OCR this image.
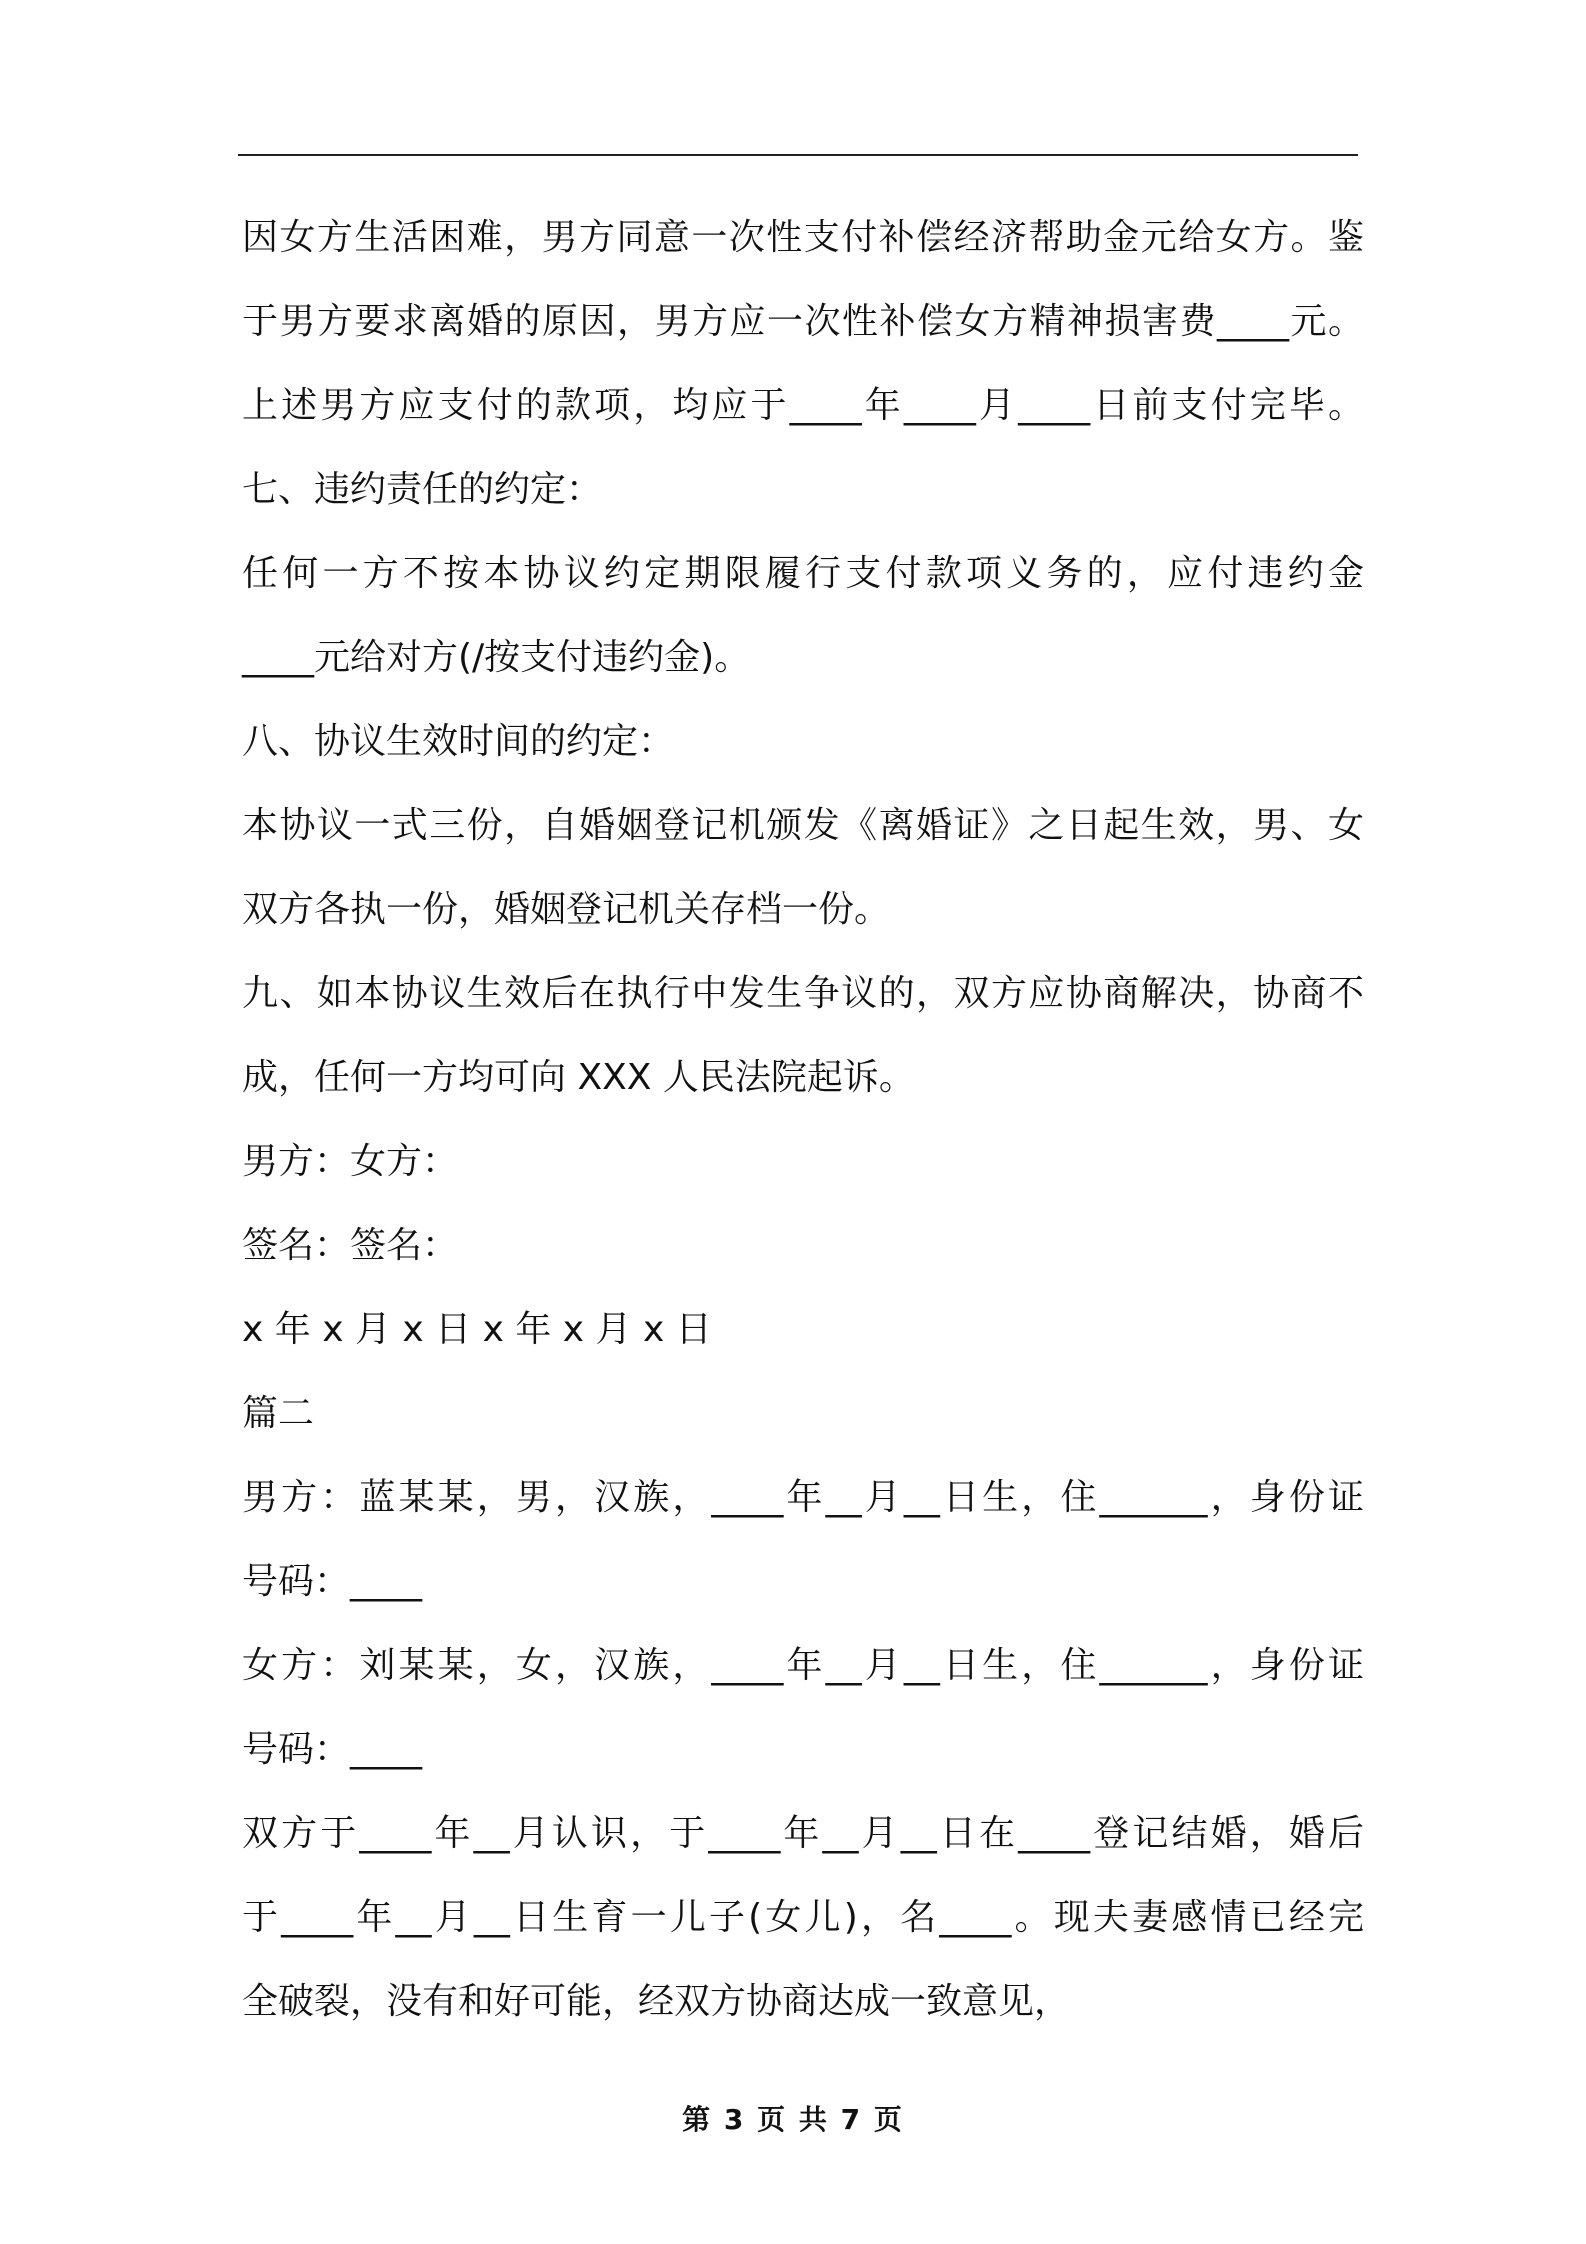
因女方生活困难，男方同意一次性支付补偿经济帮助金元给女方。鉴
于男方要求离婚的原因，男方应一次性补偿女方精神损害费____元。
上述男方应支付的款项，均应于____年____月____日前支付完毕。
七、违约责任的约定：
任何一方不按本协议约定期限履行支付款项义务的，应付违约金
____元给对方(/按支付违约金)。
八、协议生效时间的约定：
本协议一式三份，自婚姻登记机颁发《离婚证》之日起生效，男、女
双方各执一份，婚姻登记机关存档一份。
九、如本协议生效后在执行中发生争议的，双方应协商解决，协商不
成，任何一方均可向 XXX 人民法院起诉。
男方：女方：
签名：签名：
x 年 x 月 x 日 x 年 x 月 x 日
篇二
男方：蓝某某，男，汉族，____年__月__日生，住______，身份证
号码：____
女方：刘某某，女，汉族，____年__月__日生，住______，身份证
号码：____
双方于____年__月认识，于____年__月__日在____登记结婚，婚后
于____年__月__日生育一儿子(女儿)，名____。现夫妻感情已经完
全破裂，没有和好可能，经双方协商达成一致意见，
第 3 页 共 7 页
